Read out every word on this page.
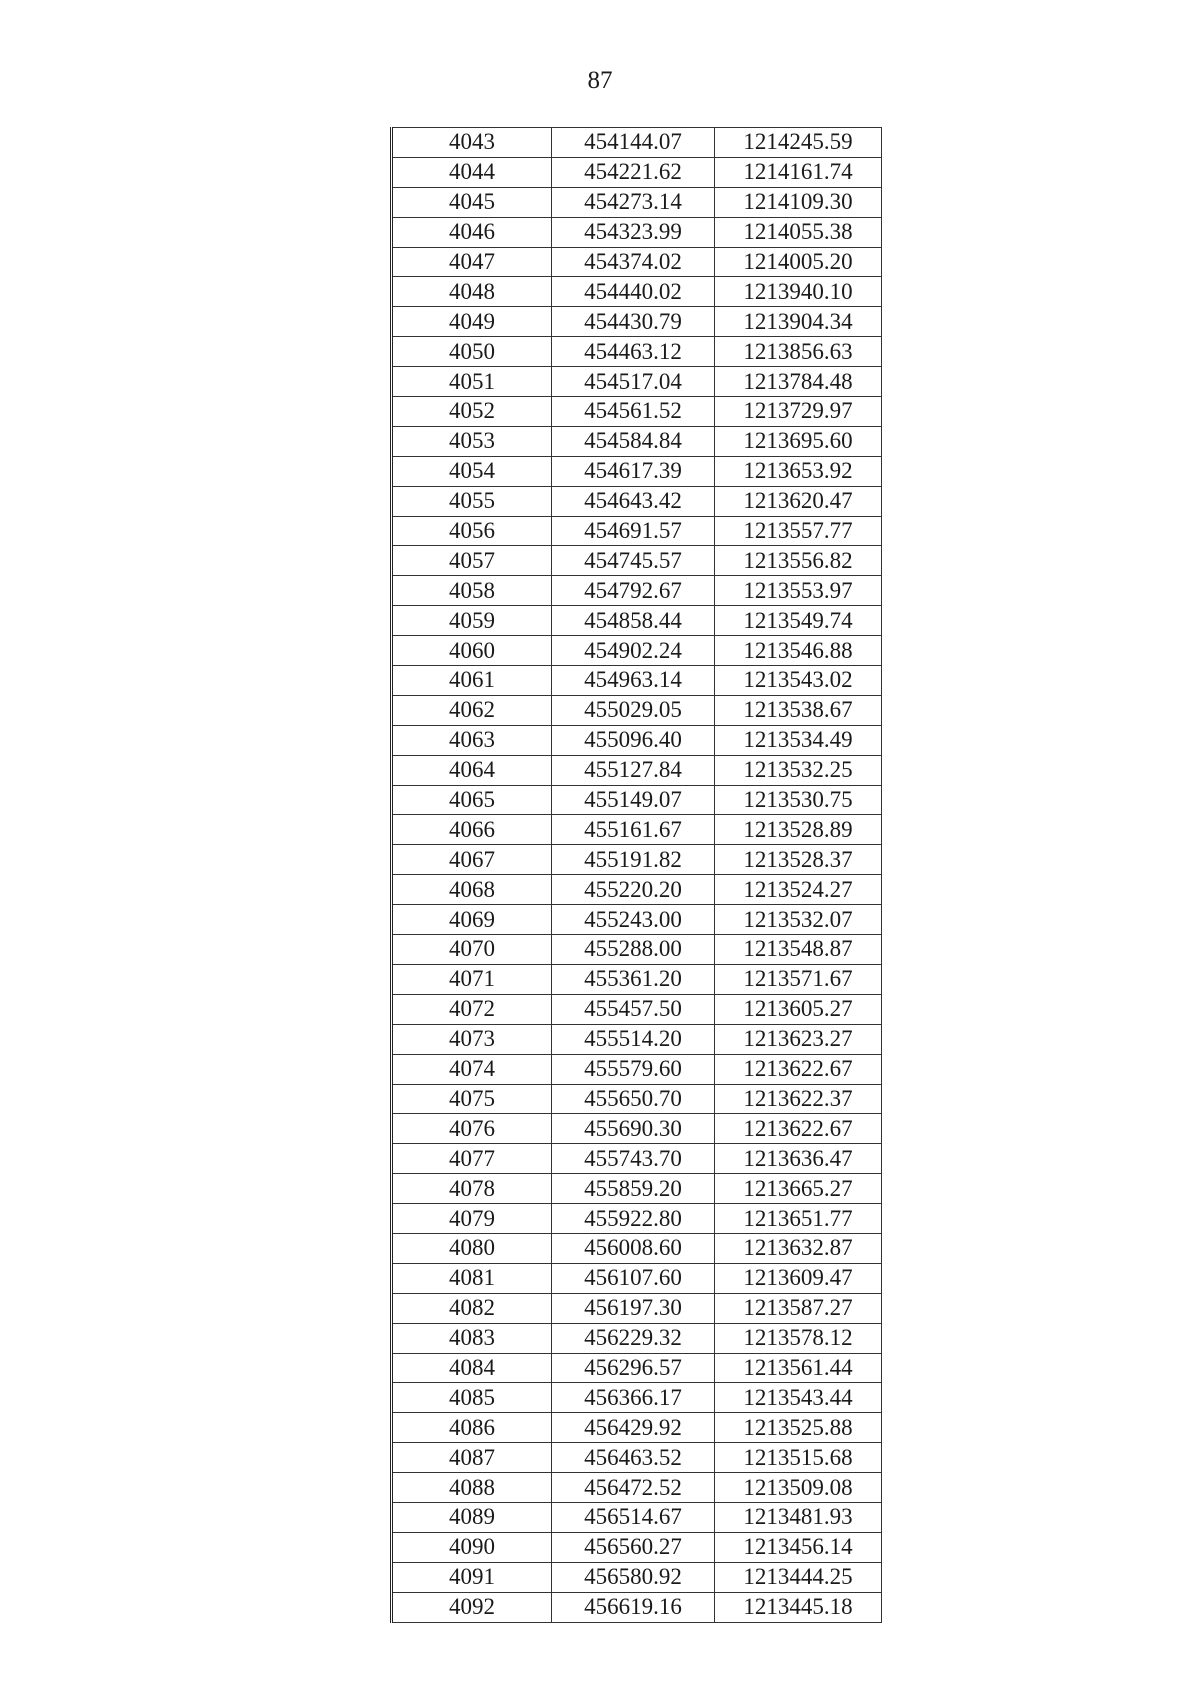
87
4043	454144.07	1214245.59
4044	454221.62	1214161.74
4045	454273.14	1214109.30
4046	454323.99	1214055.38
4047	454374.02	1214005.20
4048	454440.02	1213940.10
4049	454430.79	1213904.34
4050	454463.12	1213856.63
4051	454517.04	1213784.48
4052	454561.52	1213729.97
4053	454584.84	1213695.60
4054	454617.39	1213653.92
4055	454643.42	1213620.47
4056	454691.57	1213557.77
4057	454745.57	1213556.82
4058	454792.67	1213553.97
4059	454858.44	1213549.74
4060	454902.24	1213546.88
4061	454963.14	1213543.02
4062	455029.05	1213538.67
4063	455096.40	1213534.49
4064	455127.84	1213532.25
4065	455149.07	1213530.75
4066	455161.67	1213528.89
4067	455191.82	1213528.37
4068	455220.20	1213524.27
4069	455243.00	1213532.07
4070	455288.00	1213548.87
4071	455361.20	1213571.67
4072	455457.50	1213605.27
4073	455514.20	1213623.27
4074	455579.60	1213622.67
4075	455650.70	1213622.37
4076	455690.30	1213622.67
4077	455743.70	1213636.47
4078	455859.20	1213665.27
4079	455922.80	1213651.77
4080	456008.60	1213632.87
4081	456107.60	1213609.47
4082	456197.30	1213587.27
4083	456229.32	1213578.12
4084	456296.57	1213561.44
4085	456366.17	1213543.44
4086	456429.92	1213525.88
4087	456463.52	1213515.68
4088	456472.52	1213509.08
4089	456514.67	1213481.93
4090	456560.27	1213456.14
4091	456580.92	1213444.25
4092	456619.16	1213445.18
